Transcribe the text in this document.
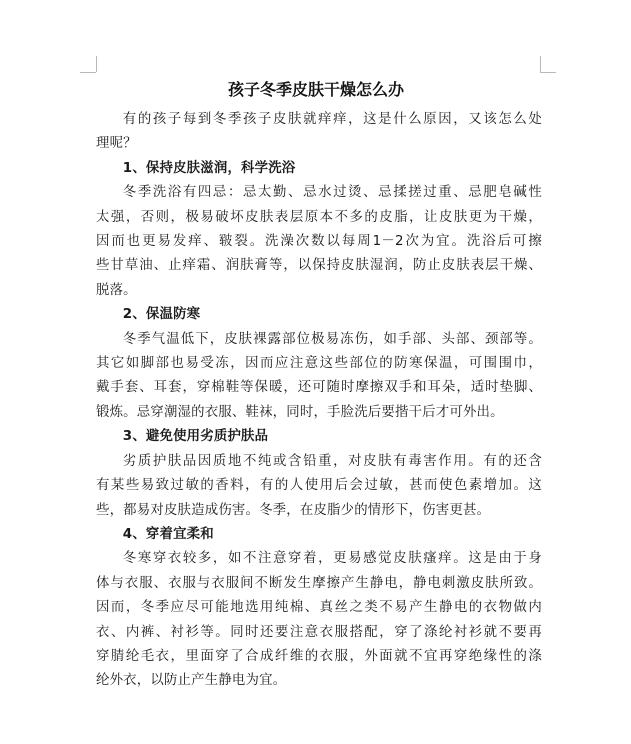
孩子冬季皮肤干燥怎么办

有的孩子每到冬季孩子皮肤就痒痒，这是什么原因，又该怎么处
理呢？

1、保持皮肤滋润，科学洗浴

冬季洗浴有四忌：忌太勤、忌水过烫、忌揉搓过重、忌肥皂碱性
太强，否则，极易破坏皮肤表层原本不多的皮脂，让皮肤更为干燥，
因而也更易发痒、皲裂。洗澡次数以每周1－2次为宜。洗浴后可擦
些甘草油、止痒霜、润肤膏等，以保持皮肤湿润，防止皮肤表层干燥、
脱落。

2、保温防寒

冬季气温低下，皮肤裸露部位极易冻伤，如手部、头部、颈部等。
其它如脚部也易受冻，因而应注意这些部位的防寒保温，可围围巾，
戴手套、耳套，穿棉鞋等保暖，还可随时摩擦双手和耳朵，适时垫脚、
锻炼。忌穿潮湿的衣服、鞋袜，同时，手脸洗后要揩干后才可外出。

3、避免使用劣质护肤品

劣质护肤品因质地不纯或含铅重，对皮肤有毒害作用。有的还含
有某些易致过敏的香料，有的人使用后会过敏，甚而使色素增加。这
些，都易对皮肤造成伤害。冬季，在皮脂少的情形下，伤害更甚。

4、穿着宜柔和

冬寒穿衣较多，如不注意穿着，更易感觉皮肤瘙痒。这是由于身
体与衣服、衣服与衣服间不断发生摩擦产生静电，静电刺激皮肤所致。
因而，冬季应尽可能地选用纯棉、真丝之类不易产生静电的衣物做内
衣、内裤、衬衫等。同时还要注意衣服搭配，穿了涤纶衬衫就不要再
穿腈纶毛衣，里面穿了合成纤维的衣服，外面就不宜再穿绝缘性的涤
纶外衣，以防止产生静电为宜。
